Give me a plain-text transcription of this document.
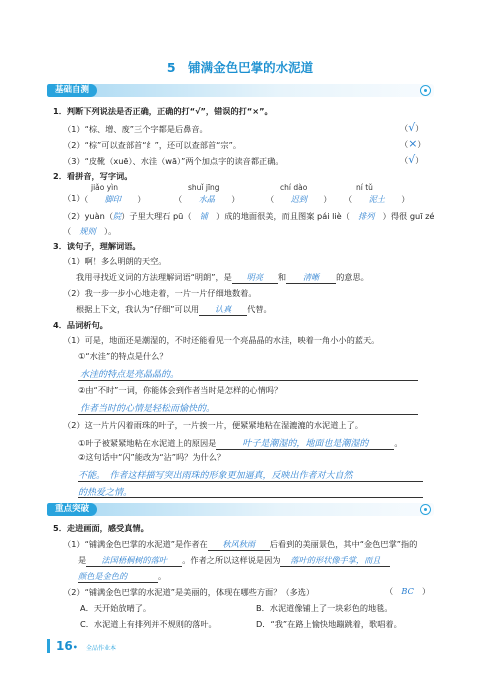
5　铺满金色巴掌的水泥道
基础自测
1．判断下列说法是否正确，正确的打“√”，错误的打“×”。
（1）“棕、增、废”三个字都是后鼻音。	（√）
（2）“棕”可以查部首“纟”，还可以查部首“宗”。	（×）
（3）“皮靴（xuē）、水洼（wā）”两个加点字的读音都正确。	（√）
2．看拼音，写字词。
（1）
jiǎo yìn	shuǐ jīng	chí dào	ní tǔ
（　　脚印　　）	（　　水晶　　）	（　　迟到　　） （　　泥土　　）
（2）yuàn（院）子里大理石 pū（　 铺　 ）成的地面很美，而且图案 pái liè（　 排列　 ）得很 guī zé
（　 规则　 ）。
3．读句子，理解词语。
（1）啊！多么明朗的天空。
我用寻找近义词的方法理解词语“明朗”，是 明亮 和 清晰 的意思。
（2）我一步一步小心地走着，一片一片仔细地数着。
根据上下文，我认为“仔细”可以用 认真 代替。
4．品词析句。
（1）可是，地面还是潮湿的，不时还能看见一个亮晶晶的水洼，映着一角小小的蓝天。
①“水洼”的特点是什么？
水洼的特点是亮晶晶的。
②由“不时”一词，你能体会到作者当时是怎样的心情吗？
作者当时的心情是轻松而愉快的。
（2）这一片片闪着雨珠的叶子，一片挨一片，便紧紧地粘在湿漉漉的水泥道上了。
①叶子被紧紧地粘在水泥道上的原因是	叶子是潮湿的，地面也是潮湿的	。
②这句话中“闪”能改为“沾”吗？为什么？
不能。　作者这样描写突出雨珠的形象更加逼真，反映出作者对大自然
的热爱之情。
重点突破
5．走进画面，感受真情。
（1）“铺满金色巴掌的水泥道”是作者在 秋风秋雨 后看到的美丽景色，其中“金色巴掌”指的
是 法国梧桐树的落叶 。作者之所以这样说是因为 落叶的形状像手掌，而且
颜色是金色的	。
（2）“铺满金色巴掌的水泥道”是美丽的，体现在哪些方面？（多选）	（　 BC　 ）
A．天开始放晴了。	B．水泥道像铺上了一块彩色的地毯。
C．水泥道上有排列并不规则的落叶。	D．“我”在路上愉快地蹦跳着，歌唱着。
16• 全品作业本
